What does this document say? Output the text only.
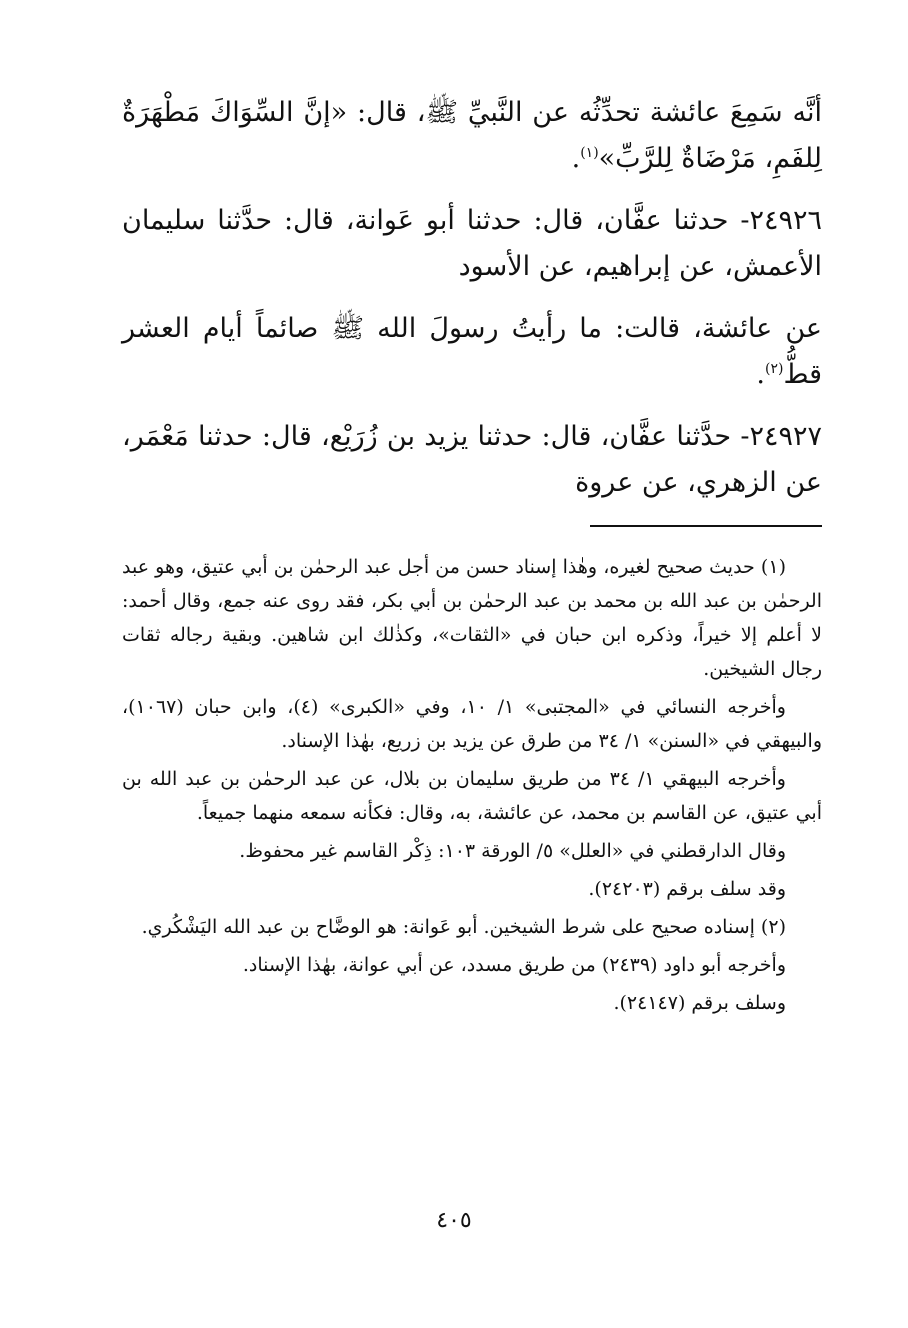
أنَّه سَمِعَ عائشة تحدِّثُه عن النَّبيِّ ﷺ، قال: «إنَّ السِّوَاكَ مَطْهَرَةٌ لِلفَمِ، مَرْضَاةٌ لِلرَّبِّ»$^{(١)}$.

٢٤٩٢٦- حدثنا عفَّان، قال: حدثنا أبو عَوانة، قال: حدَّثنا سليمان الأعمش، عن إبراهيم، عن الأسود

عن عائشة، قالت: ما رأيتُ رسولَ الله ﷺ صائماً أيام العشر قطُّ$^{(٢)}$.

٢٤٩٢٧- حدَّثنا عفَّان، قال: حدثنا يزيد بن زُرَيْع، قال: حدثنا مَعْمَر، عن الزهري، عن عروة

(١) حديث صحيح لغيره، وهٰذا إسناد حسن من أجل عبد الرحمٰن بن أبي عتيق، وهو عبد الرحمٰن بن عبد الله بن محمد بن عبد الرحمٰن بن أبي بكر، فقد روى عنه جمع، وقال أحمد: لا أعلم إلا خيراً، وذكره ابن حبان في «الثقات»، وكذٰلك ابن شاهين. وبقية رجاله ثقات رجال الشيخين.

وأخرجه النسائي في «المجتبى» ١/ ١٠، وفي «الكبرى» (٤)، وابن حبان (١٠٦٧)، والبيهقي في «السنن» ١/ ٣٤ من طرق عن يزيد بن زريع، بهٰذا الإسناد.

وأخرجه البيهقي ١/ ٣٤ من طريق سليمان بن بلال، عن عبد الرحمٰن بن عبد الله بن أبي عتيق، عن القاسم بن محمد، عن عائشة، به، وقال: فكأنه سمعه منهما جميعاً.

وقال الدارقطني في «العلل» ٥/ الورقة ١٠٣: ذِكْر القاسم غير محفوظ.

وقد سلف برقم (٢٤٢٠٣).

(٢) إسناده صحيح على شرط الشيخين. أبو عَوانة: هو الوضَّاح بن عبد الله اليَشْكُري.

وأخرجه أبو داود (٢٤٣٩) من طريق مسدد، عن أبي عوانة، بهٰذا الإسناد.

وسلف برقم (٢٤١٤٧).

٤٠٥
